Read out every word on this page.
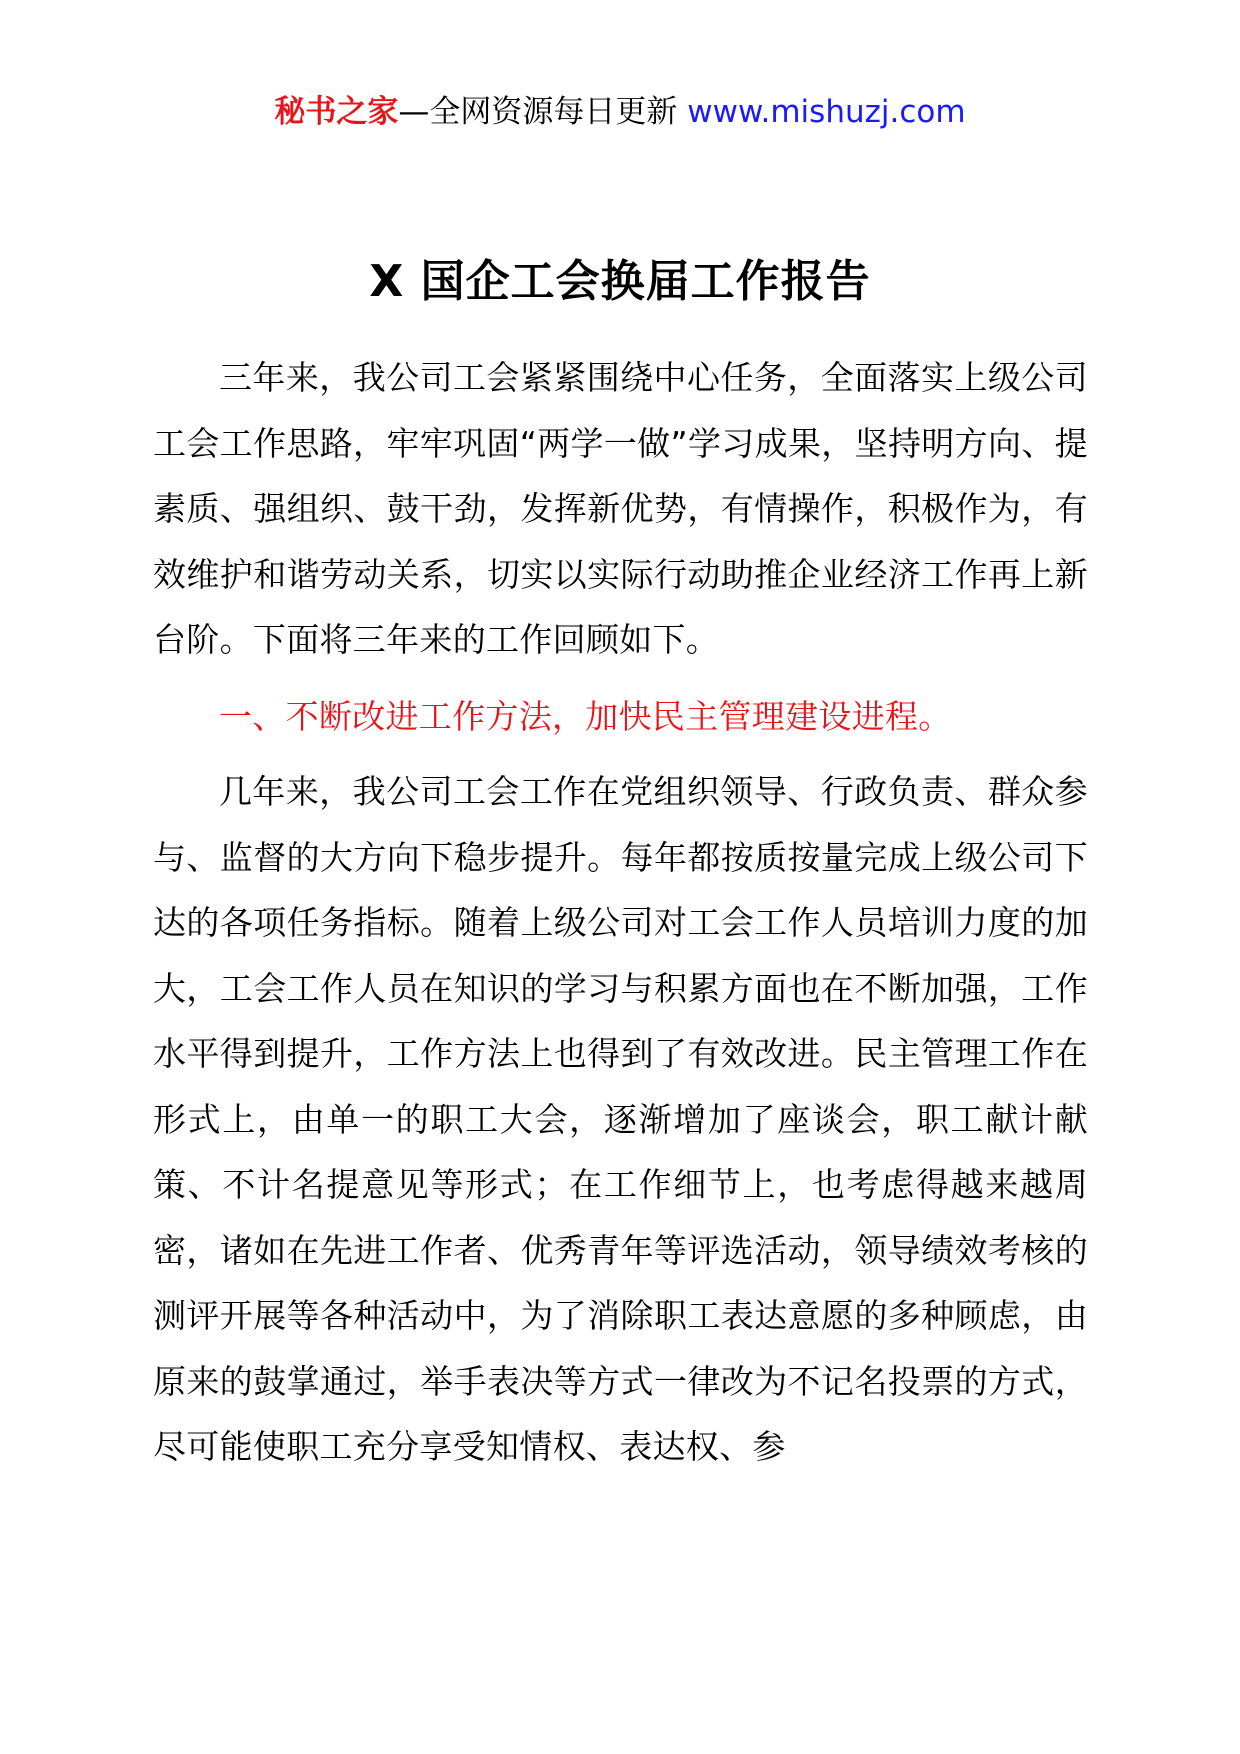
秘书之家—全网资源每日更新 www.mishuzj.com
X 国企工会换届工作报告

三年来，我公司工会紧紧围绕中心任务，全面落实上级公司工会工作思路，牢牢巩固“两学一做”学习成果，坚持明方向、提素质、强组织、鼓干劲，发挥新优势，有情操作，积极作为，有效维护和谐劳动关系，切实以实际行动助推企业经济工作再上新台阶。下面将三年来的工作回顾如下。

一、不断改进工作方法，加快民主管理建设进程。

几年来，我公司工会工作在党组织领导、行政负责、群众参与、监督的大方向下稳步提升。每年都按质按量完成上级公司下达的各项任务指标。随着上级公司对工会工作人员培训力度的加大，工会工作人员在知识的学习与积累方面也在不断加强，工作水平得到提升，工作方法上也得到了有效改进。民主管理工作在形式上，由单一的职工大会，逐渐增加了座谈会，职工献计献策、不计名提意见等形式；在工作细节上，也考虑得越来越周密，诸如在先进工作者、优秀青年等评选活动，领导绩效考核的测评开展等各种活动中，为了消除职工表达意愿的多种顾虑，由原来的鼓掌通过，举手表决等方式一律改为不记名投票的方式，尽可能使职工充分享受知情权、表达权、参
